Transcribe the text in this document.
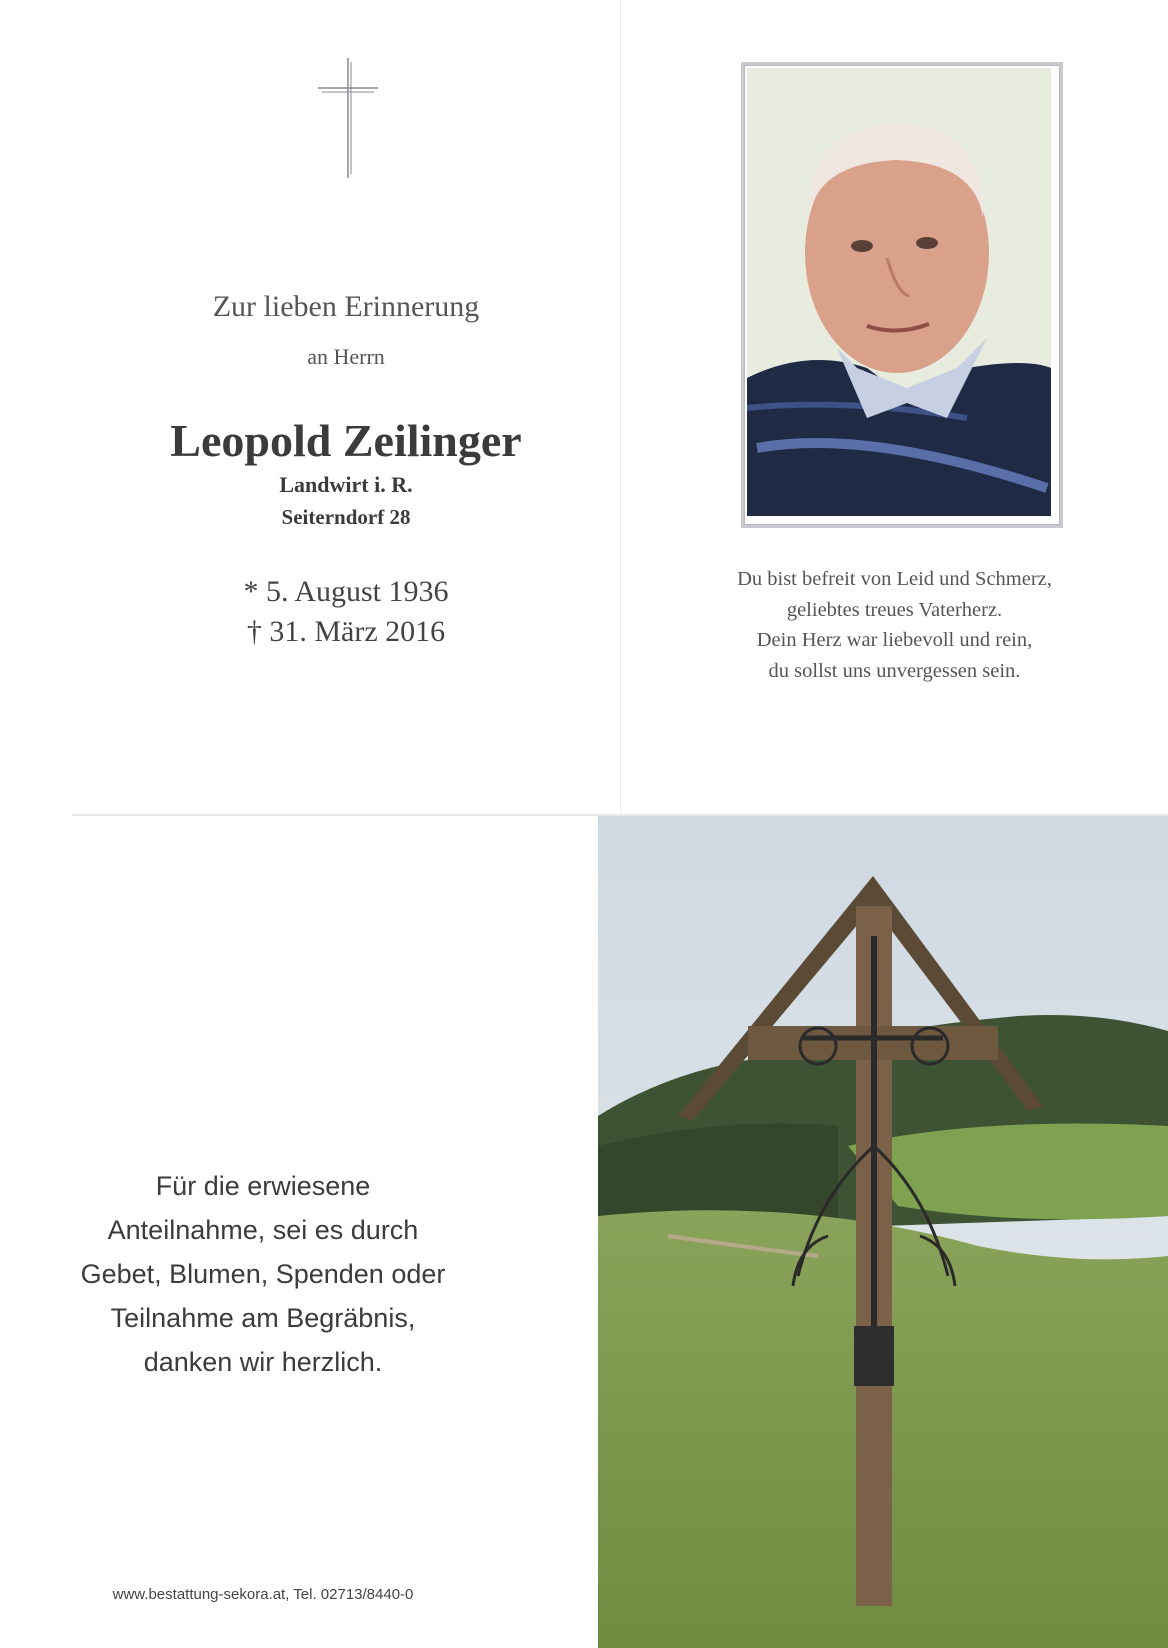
Zur lieben Erinnerung
an Herrn
Leopold Zeilinger
Landwirt i. R.
Seiterndorf 28
* 5. August 1936
† 31. März 2016
Du bist befreit von Leid und Schmerz,
geliebtes treues Vaterherz.
Dein Herz war liebevoll und rein,
du sollst uns unvergessen sein.
Für die erwiesene
Anteilnahme, sei es durch
Gebet, Blumen, Spenden oder
Teilnahme am Begräbnis,
danken wir herzlich.
www.bestattung-sekora.at, Tel. 02713/8440-0
